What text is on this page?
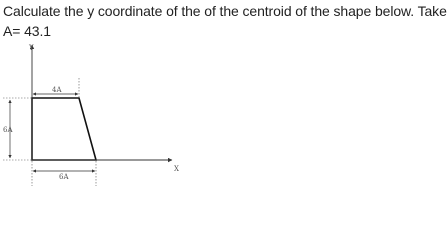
Calculate the y coordinate of the of the centroid of the shape below. Take
A= 43.1
Y
X
4A
6A
6A
